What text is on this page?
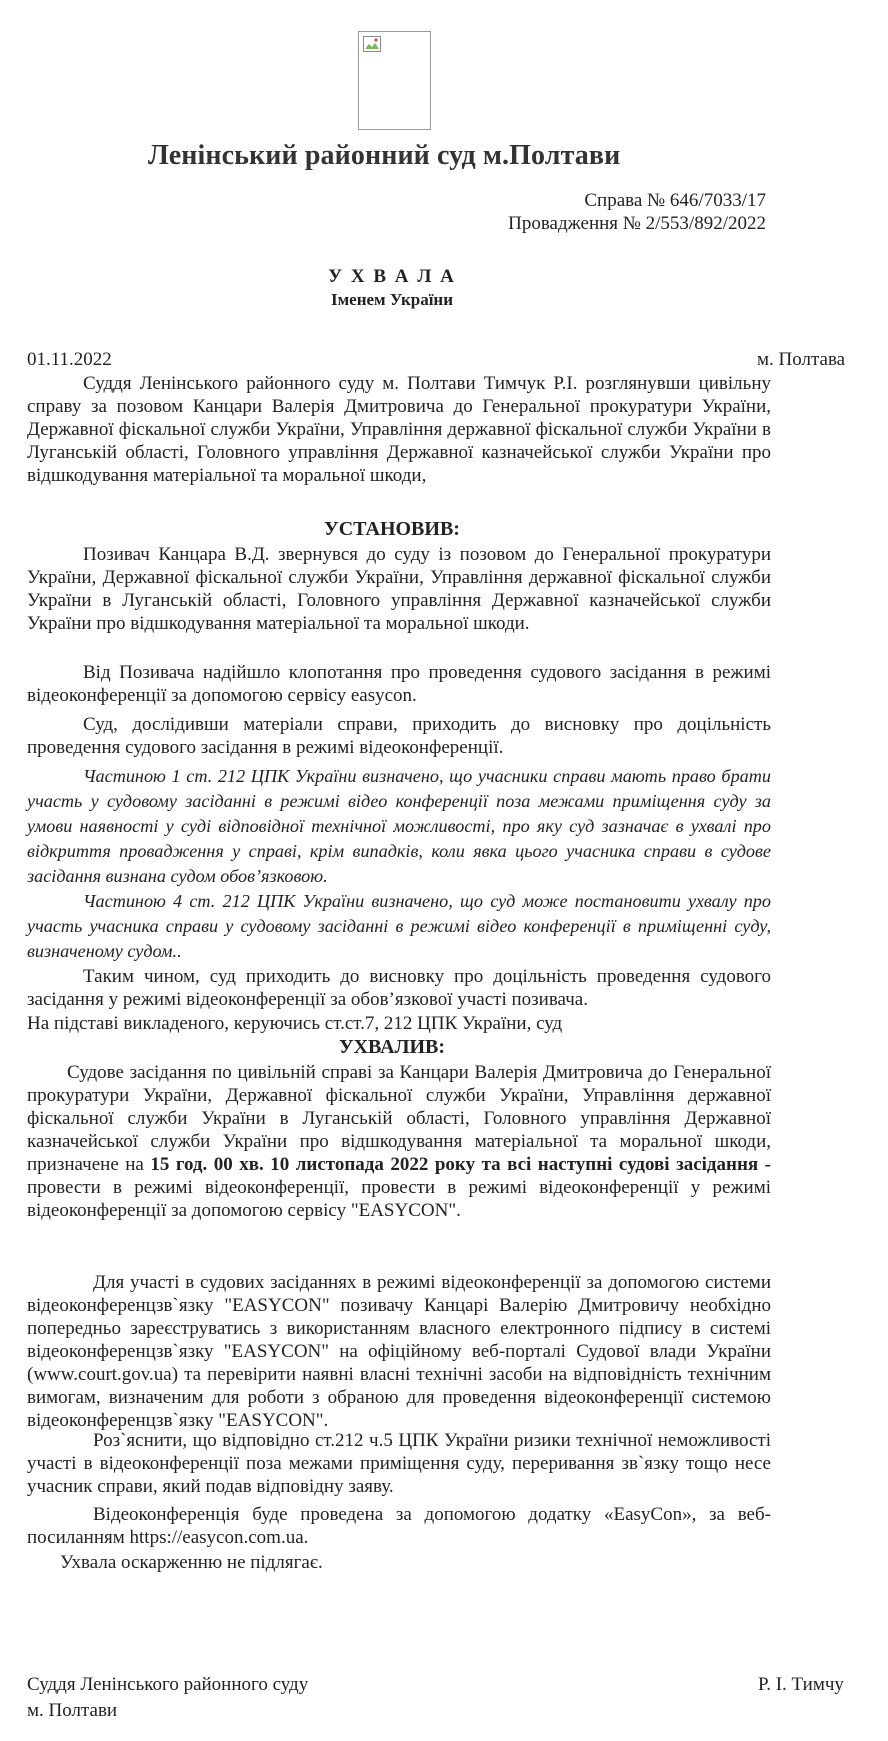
Ленінський районний суд м.Полтави
Справа № 646/7033/17
Провадження № 2/553/892/2022
У Х В А Л А
Іменем України
01.11.2022	м. Полтава

Суддя Ленінського районного суду м. Полтави Тимчук Р.І. розглянувши цивільну справу за позовом Канцари Валерія Дмитровича до Генеральної прокуратури України, Державної фіскальної служби України, Управління державної фіскальної служби України в Луганській області, Головного управління Державної казначейської служби України про відшкодування матеріальної та моральної шкоди,

УСТАНОВИВ:

Позивач Канцара В.Д. звернувся до суду із позовом до Генеральної прокуратури України, Державної фіскальної служби України, Управління державної фіскальної служби України в Луганській області, Головного управління Державної казначейської служби України про відшкодування матеріальної та моральної шкоди.

Від Позивача надійшло клопотання про проведення судового засідання в режимі відеоконференції за допомогою сервісу easycon.

Суд, дослідивши матеріали справи, приходить до висновку про доцільність проведення судового засідання в режимі відеоконференції.

Частиною 1 ст. 212 ЦПК України визначено, що учасники справи мають право брати участь у судовому засіданні в режимі відео конференції поза межами приміщення суду за умови наявності у суді відповідної технічної можливості, про яку суд зазначає в ухвалі про відкриття провадження у справі, крім випадків, коли явка цього учасника справи в судове засідання визнана судом обов’язковою.

Частиною 4 ст. 212 ЦПК України визначено, що суд може постановити ухвалу про участь учасника справи у судовому засіданні в режимі відео конференції в приміщенні суду, визначеному судом..

Таким чином, суд приходить до висновку про доцільність проведення судового засідання у режимі відеоконференції за обов’язкової участі позивача.

На підставі викладеного, керуючись ст.ст.7, 212 ЦПК України, суд

УХВАЛИВ:

Судове засідання по цивільній справі за Канцари Валерія Дмитровича до Генеральної прокуратури України, Державної фіскальної служби України, Управління державної фіскальної служби України в Луганській області, Головного управління Державної казначейської служби України про відшкодування матеріальної та моральної шкоди, призначене на 15 год. 00 хв. 10 листопада 2022 року та всі наступні судові засідання - провести в режимі відеоконференції, провести в режимі відеоконференції у режимі відеоконференції за допомогою сервісу "EASYCON".

Для участі в судових засіданнях в режимі відеоконференції за допомогою системи відеоконференцзв`язку "EASYCON" позивачу Канцарі Валерію Дмитровичу необхідно попередньо зареєструватись з використанням власного електронного підпису в системі відеоконференцзв`язку "EASYCON" на офіційному веб-порталі Судової влади України (www.court.gov.ua) та перевірити наявні власні технічні засоби на відповідність технічним вимогам, визначеним для роботи з обраною для проведення відеоконференції системою відеоконференцзв`язку "EASYCON".

Роз`яснити, що відповідно ст.212 ч.5 ЦПК України ризики технічної неможливості участі в відеоконференції поза межами приміщення суду, переривання зв`язку тощо несе учасник справи, який подав відповідну заяву.

Відеоконференція буде проведена за допомогою додатку «EasyCon», за веб-посиланням https://easycon.com.ua.

Ухвала оскарженню не підлягає.

Суддя Ленінського районного суду
м. Полтави
Р. І. Тимчу
